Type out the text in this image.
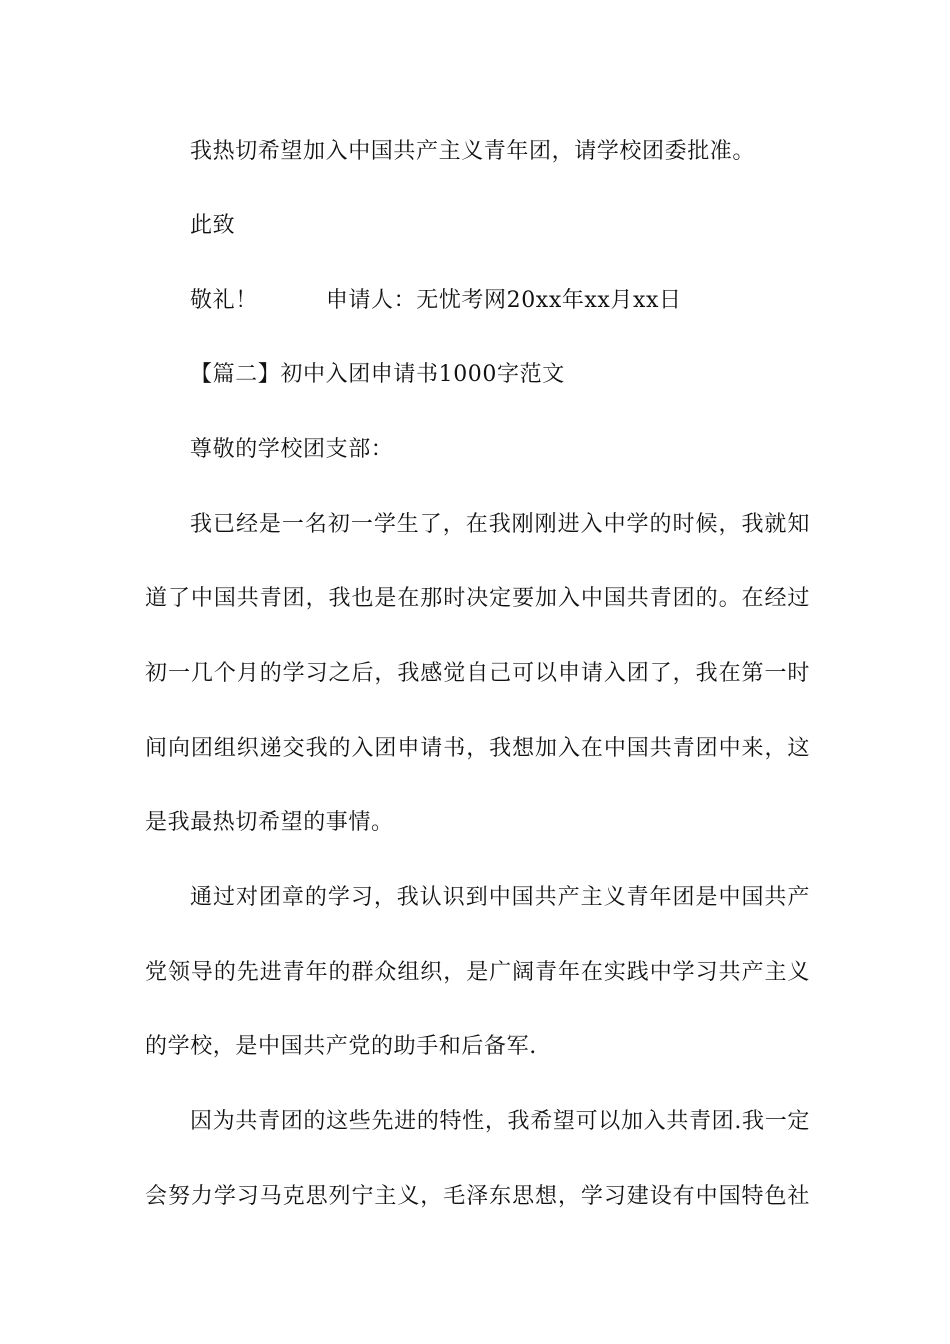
我热切希望加入中国共产主义青年团，请学校团委批准。
此致
敬礼！	申请人：无忧考网20xx年xx月xx日
【篇二】初中入团申请书1000字范文
尊敬的学校团支部：
我已经是一名初一学生了，在我刚刚进入中学的时候，我就知
道了中国共青团，我也是在那时决定要加入中国共青团的。在经过
初一几个月的学习之后，我感觉自己可以申请入团了，我在第一时
间向团组织递交我的入团申请书，我想加入在中国共青团中来，这
是我最热切希望的事情。
通过对团章的学习，我认识到中国共产主义青年团是中国共产
党领导的先进青年的群众组织，是广阔青年在实践中学习共产主义
的学校，是中国共产党的助手和后备军.
因为共青团的这些先进的特性，我希望可以加入共青团.我一定
会努力学习马克思列宁主义，毛泽东思想，学习建设有中国特色社
